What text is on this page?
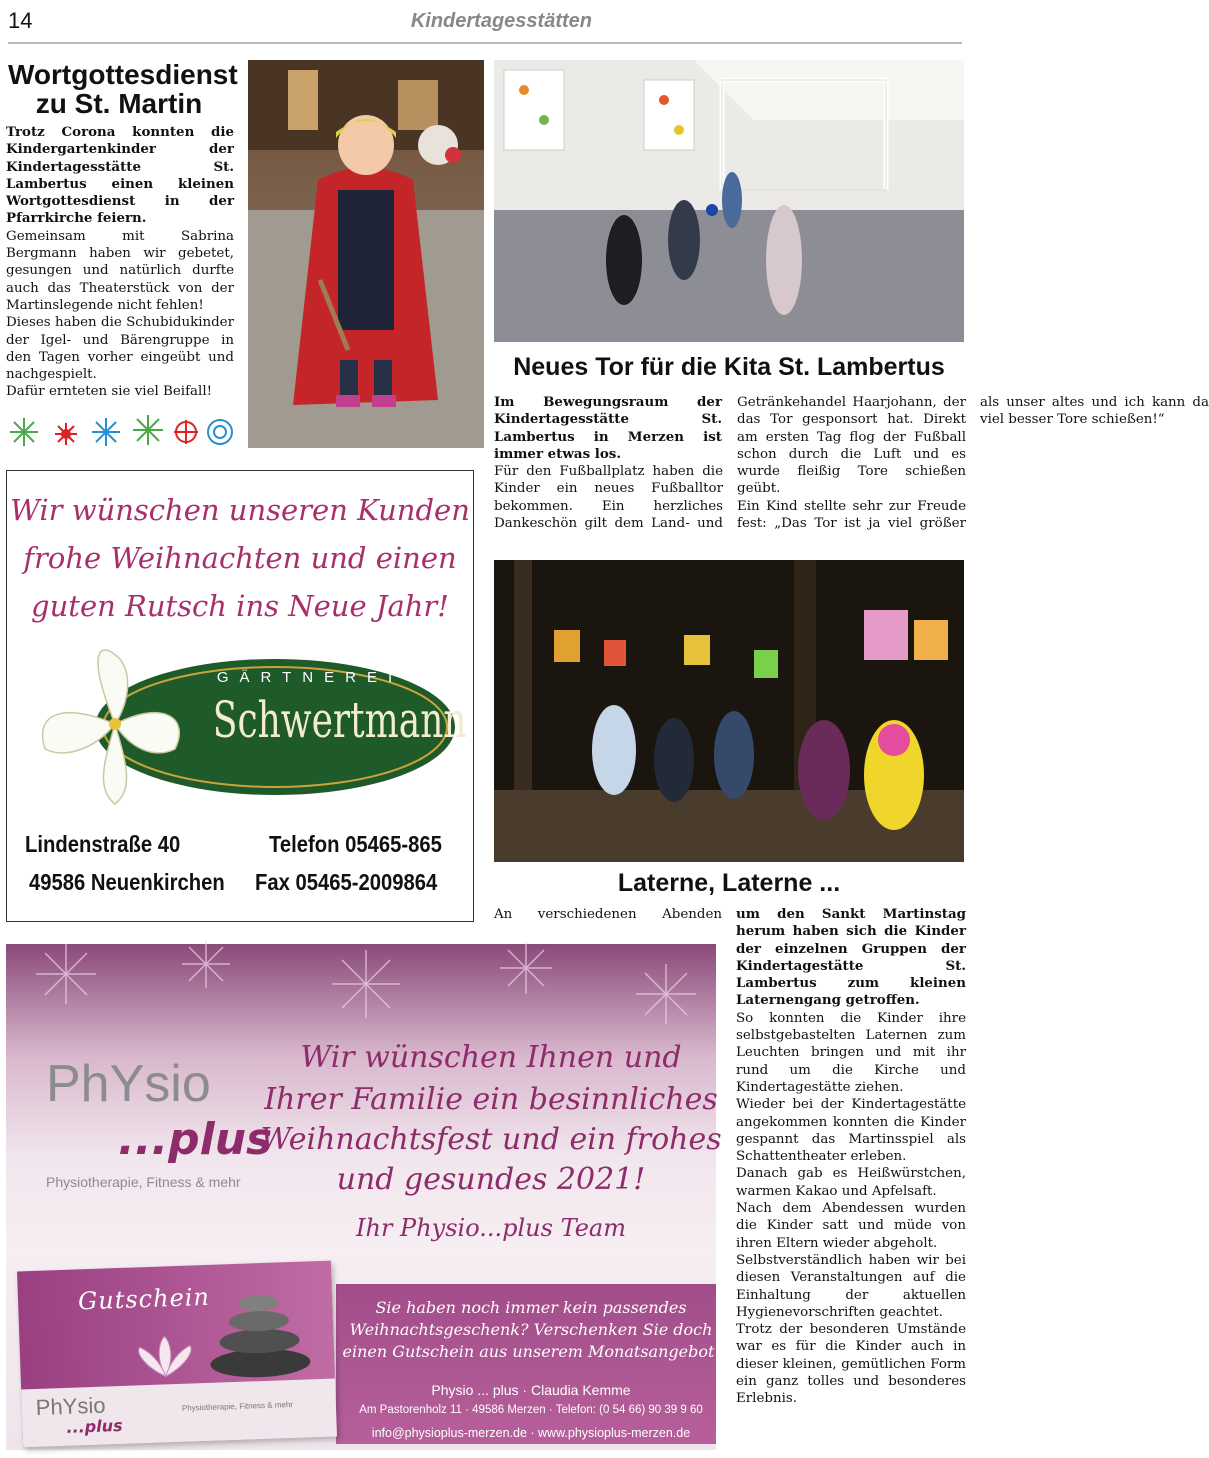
14	Kindertagesstätten
Wortgottesdienst
zu St. Martin

Trotz Corona konnten die Kindergartenkinder der Kindertagesstätte St. Lambertus einen kleinen Wortgottesdienst in der Pfarrkirche feiern.

Gemeinsam mit Sabrina Bergmann haben wir gebetet, gesungen und natürlich durfte auch das Theaterstück von der Martinslegende nicht fehlen!

Dieses haben die Schubidukinder der Igel- und Bärengruppe in den Tagen vorher eingeübt und nachgespielt.

Dafür ernteten sie viel Beifall!

Neues Tor für die Kita St. Lambertus

Im Bewegungsraum der Kindertagesstätte St. Lambertus in Merzen ist immer etwas los.

Für den Fußballplatz haben die Kinder ein neues Fußballtor bekommen. Ein herzliches Dankeschön gilt dem Land- und Getränkehandel Haarjohann, der das Tor gesponsort hat. Direkt am ersten Tag flog der Fußball schon durch die Luft und es wurde fleißig Tore schießen geübt.

Ein Kind stellte sehr zur Freude fest: „Das Tor ist ja viel größer als unser altes und ich kann da viel besser Tore schießen!“

Laterne, Laterne ...

An verschiedenen Abenden um den Sankt Martinstag herum haben sich die Kinder der einzelnen Gruppen der Kindertagestätte St. Lambertus zum kleinen Laternengang getroffen.

So konnten die Kinder ihre selbstgebastelten Laternen zum Leuchten bringen und mit ihr rund um die Kirche und Kindertagestätte ziehen.

Wieder bei der Kindertagestätte angekommen konnten die Kinder gespannt das Martinsspiel als Schattentheater erleben.

Danach gab es Heißwürstchen, warmen Kakao und Apfelsaft.

Nach dem Abendessen wurden die Kinder satt und müde von ihren Eltern wieder abgeholt.

Selbstverständlich haben wir bei diesen Veranstaltungen auf die Einhaltung der aktuellen Hygienevorschriften geachtet.

Trotz der besonderen Umstände war es für die Kinder auch in dieser kleinen, gemütlichen Form ein ganz tolles und besonderes Erlebnis.

Wir wünschen unseren Kunden
frohe Weihnachten und einen
guten Rutsch ins Neue Jahr!
GÄRTNEREI
Schwertmann
Lindenstraße 40
49586 Neuenkirchen
Telefon 05465-865
Fax 05465-2009864
PhYsio
...plus
Physiotherapie, Fitness & mehr
Wir wünschen Ihnen und
Ihrer Familie ein besinnliches
Weihnachtsfest und ein frohes
und gesundes 2021!
Ihr Physio...plus Team
Gutschein
PhYsio
...plus
Physiotherapie, Fitness & mehr
Sie haben noch immer kein passendes
Weihnachtsgeschenk? Verschenken Sie doch
einen Gutschein aus unserem Monatsangebot.
Physio ... plus · Claudia Kemme
Am Pastorenholz 11 · 49586 Merzen · Telefon: (0 54 66) 90 39 9 60
info@physioplus-merzen.de · www.physioplus-merzen.de
